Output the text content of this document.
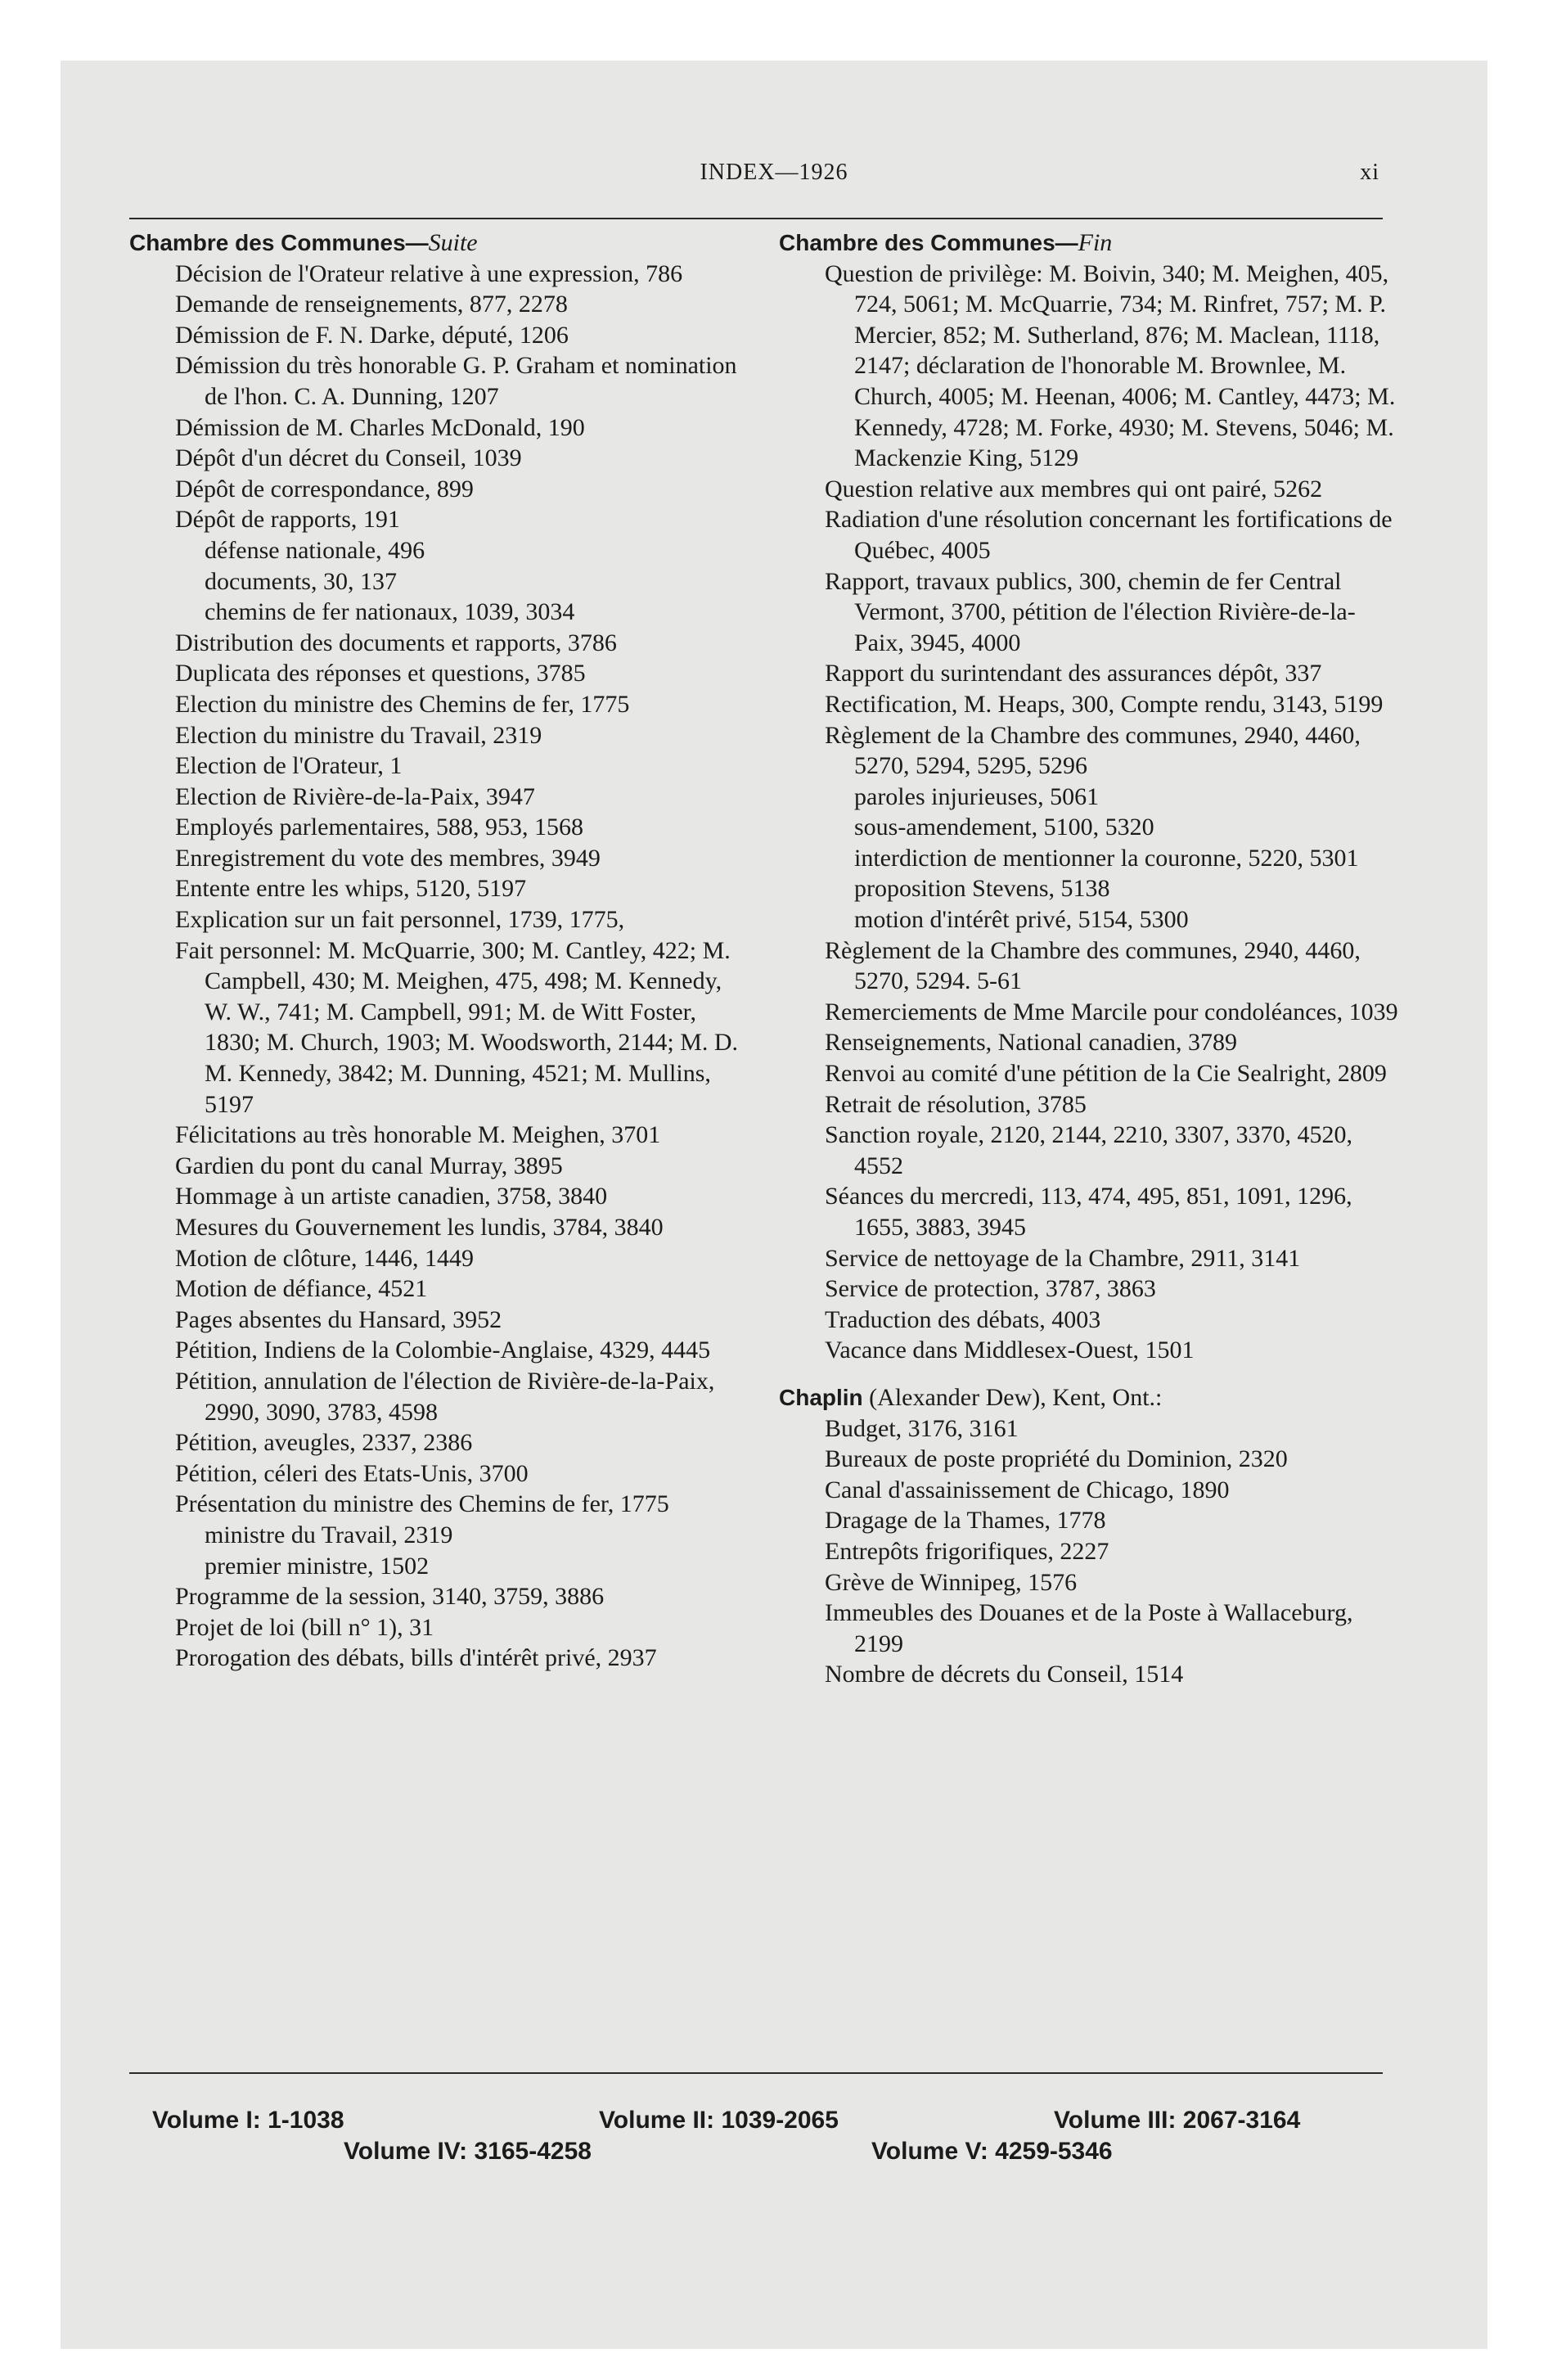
INDEX—1926	xi
Chambre des Communes—Suite
Décision de l'Orateur relative à une expression, 786
Demande de renseignements, 877, 2278
Démission de F. N. Darke, député, 1206
Démission du très honorable G. P. Graham et nomination de l'hon. C. A. Dunning, 1207
Démission de M. Charles McDonald, 190
Dépôt d'un décret du Conseil, 1039
Dépôt de correspondance, 899
Dépôt de rapports, 191
défense nationale, 496
documents, 30, 137
chemins de fer nationaux, 1039, 3034
Distribution des documents et rapports, 3786
Duplicata des réponses et questions, 3785
Election du ministre des Chemins de fer, 1775
Election du ministre du Travail, 2319
Election de l'Orateur, 1
Election de Rivière-de-la-Paix, 3947
Employés parlementaires, 588, 953, 1568
Enregistrement du vote des membres, 3949
Entente entre les whips, 5120, 5197
Explication sur un fait personnel, 1739, 1775,
Fait personnel: M. McQuarrie, 300; M. Cantley, 422; M. Campbell, 430; M. Meighen, 475, 498; M. Kennedy, W. W., 741; M. Campbell, 991; M. de Witt Foster, 1830; M. Church, 1903; M. Woodsworth, 2144; M. D. M. Kennedy, 3842; M. Dunning, 4521; M. Mullins, 5197
Félicitations au très honorable M. Meighen, 3701
Gardien du pont du canal Murray, 3895
Hommage à un artiste canadien, 3758, 3840
Mesures du Gouvernement les lundis, 3784, 3840
Motion de clôture, 1446, 1449
Motion de défiance, 4521
Pages absentes du Hansard, 3952
Pétition, Indiens de la Colombie-Anglaise, 4329, 4445
Pétition, annulation de l'élection de Rivière-de-la-Paix, 2990, 3090, 3783, 4598
Pétition, aveugles, 2337, 2386
Pétition, céleri des Etats-Unis, 3700
Présentation du ministre des Chemins de fer, 1775
ministre du Travail, 2319
premier ministre, 1502
Programme de la session, 3140, 3759, 3886
Projet de loi (bill n° 1), 31
Prorogation des débats, bills d'intérêt privé, 2937
Chambre des Communes—Fin
Question de privilège: M. Boivin, 340; M. Meighen, 405, 724, 5061; M. McQuarrie, 734; M. Rinfret, 757; M. P. Mercier, 852; M. Sutherland, 876; M. Maclean, 1118, 2147; déclaration de l'honorable M. Brownlee, M. Church, 4005; M. Heenan, 4006; M. Cantley, 4473; M. Kennedy, 4728; M. Forke, 4930; M. Stevens, 5046; M. Mackenzie King, 5129
Question relative aux membres qui ont pairé, 5262
Radiation d'une résolution concernant les fortifications de Québec, 4005
Rapport, travaux publics, 300, chemin de fer Central Vermont, 3700, pétition de l'élection Rivière-de-la-Paix, 3945, 4000
Rapport du surintendant des assurances dépôt, 337
Rectification, M. Heaps, 300, Compte rendu, 3143, 5199
Règlement de la Chambre des communes, 2940, 4460, 5270, 5294, 5295, 5296
paroles injurieuses, 5061
sous-amendement, 5100, 5320
interdiction de mentionner la couronne, 5220, 5301
proposition Stevens, 5138
motion d'intérêt privé, 5154, 5300
Règlement de la Chambre des communes, 2940, 4460, 5270, 5294. 5-61
Remerciements de Mme Marcile pour condoléances, 1039
Renseignements, National canadien, 3789
Renvoi au comité d'une pétition de la Cie Sealright, 2809
Retrait de résolution, 3785
Sanction royale, 2120, 2144, 2210, 3307, 3370, 4520, 4552
Séances du mercredi, 113, 474, 495, 851, 1091, 1296, 1655, 3883, 3945
Service de nettoyage de la Chambre, 2911, 3141
Service de protection, 3787, 3863
Traduction des débats, 4003
Vacance dans Middlesex-Ouest, 1501
Chaplin (Alexander Dew), Kent, Ont.:
Budget, 3176, 3161
Bureaux de poste propriété du Dominion, 2320
Canal d'assainissement de Chicago, 1890
Dragage de la Thames, 1778
Entrepôts frigorifiques, 2227
Grève de Winnipeg, 1576
Immeubles des Douanes et de la Poste à Wallaceburg, 2199
Nombre de décrets du Conseil, 1514
Volume I: 1-1038	Volume II: 1039-2065	Volume III: 2067-3164
Volume IV: 3165-4258	Volume V: 4259-5346
